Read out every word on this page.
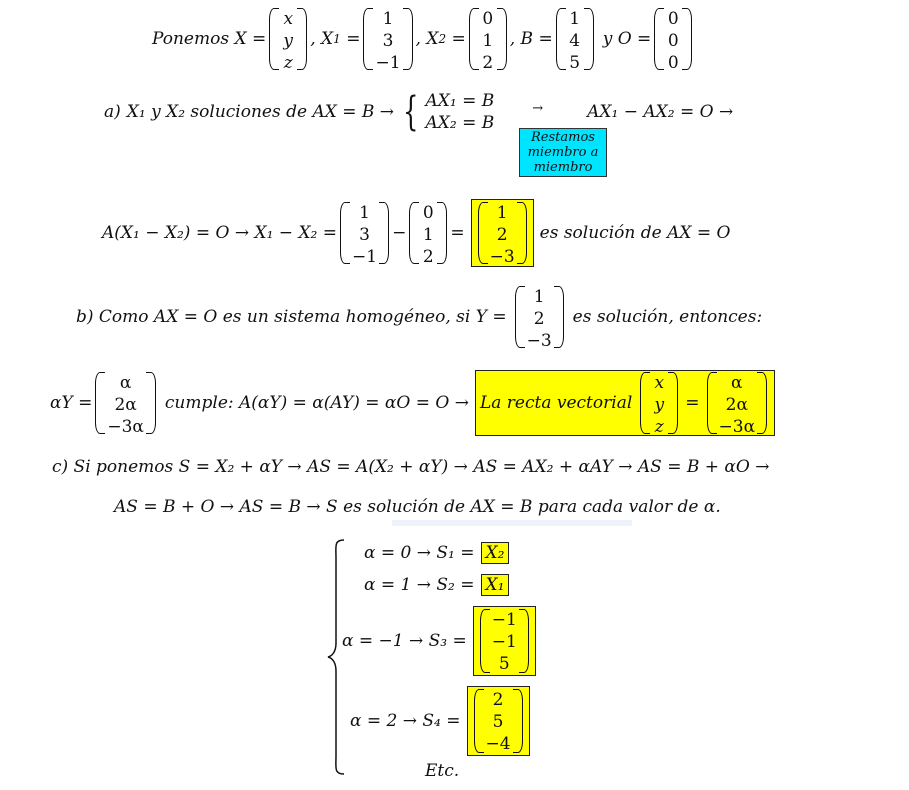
Ponemos X =
x
y
z
, X 1 =
1
3
−1
, X 2 =
0
1
2
, B =
1
4
5
y O =
0
0
0
a) X₁ y X₂ soluciones de AX = B → { AX₁ = B
AX₂ = B
→	AX₁ − AX₂ = O →
Restamos miembro a miembro
A(X₁ − X₂) = O → X₁ − X₂ =
1
3
−1
−
0
1
2
=
1
2
−3
es solución de AX = O
b) Como AX = O es un sistema homogéneo, si Y =
1
2
−3
es solución, entonces:
αY =
α
2α
−3α
cumple: A(αY) = α(AY) = αO = O → La recta vectorial
x
y
z
=
α
2α
−3α
c) Si ponemos S = X₂ + αY → AS = A(X₂ + αY) → AS = AX₂ + αAY → AS = B + αO →
AS = B + O → AS = B → S es solución de AX = B para cada valor de α.
α = 0 → S₁ = X₂
α = 1 → S₂ = X₁
α = −1 → S₃ =
−1
−1
5
α = 2 → S₄ =
2
5
−4
Etc.
